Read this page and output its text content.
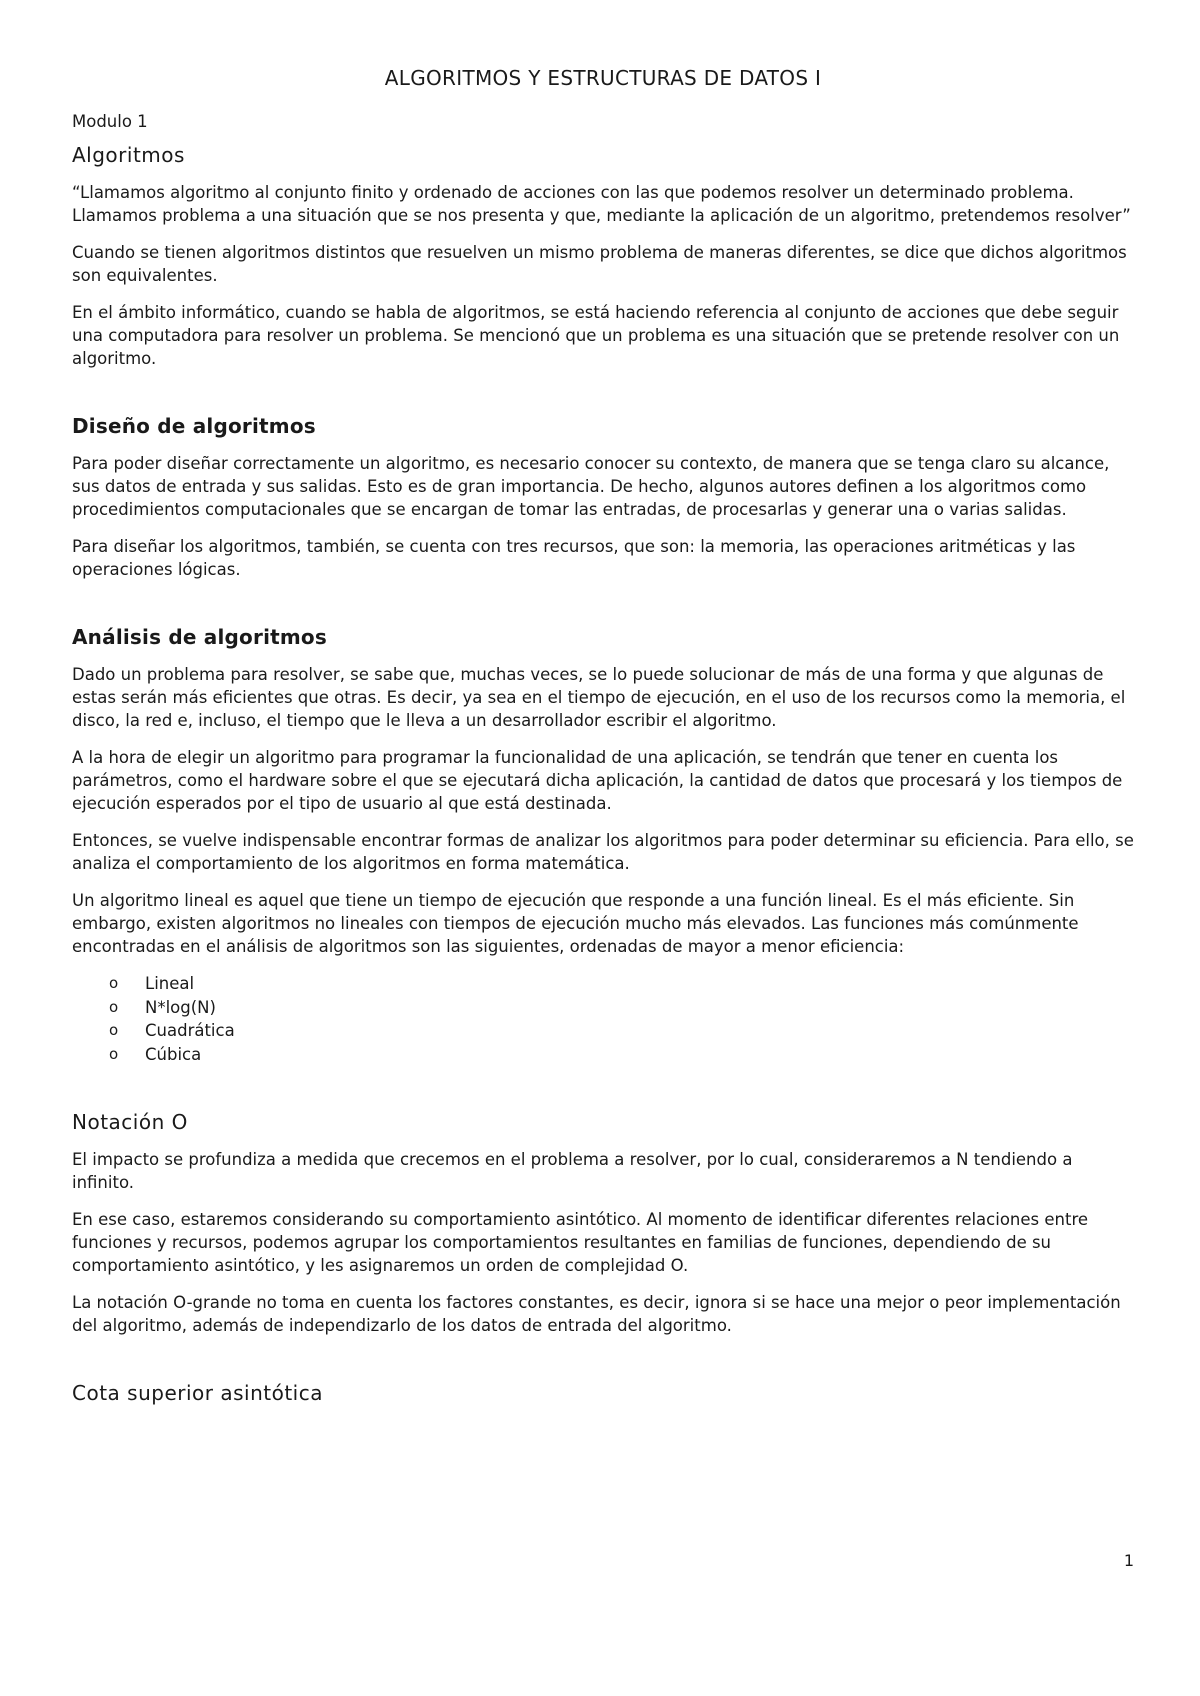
ALGORITMOS Y ESTRUCTURAS DE DATOS I
Modulo 1
Algoritmos

“Llamamos algoritmo al conjunto finito y ordenado de acciones con las que podemos resolver un determinado problema. Llamamos problema a una situación que se nos presenta y que, mediante la aplicación de un algoritmo, pretendemos resolver”

Cuando se tienen algoritmos distintos que resuelven un mismo problema de maneras diferentes, se dice que dichos algoritmos son equivalentes.

En el ámbito informático, cuando se habla de algoritmos, se está haciendo referencia al conjunto de acciones que debe seguir una computadora para resolver un problema. Se mencionó que un problema es una situación que se pretende resolver con un algoritmo.

Diseño de algoritmos

Para poder diseñar correctamente un algoritmo, es necesario conocer su contexto, de manera que se tenga claro su alcance, sus datos de entrada y sus salidas. Esto es de gran importancia. De hecho, algunos autores definen a los algoritmos como procedimientos computacionales que se encargan de tomar las entradas, de procesarlas y generar una o varias salidas.

Para diseñar los algoritmos, también, se cuenta con tres recursos, que son: la memoria, las operaciones aritméticas y las operaciones lógicas.

Análisis de algoritmos

Dado un problema para resolver, se sabe que, muchas veces, se lo puede solucionar de más de una forma y que algunas de estas serán más eficientes que otras. Es decir, ya sea en el tiempo de ejecución, en el uso de los recursos como la memoria, el disco, la red e, incluso, el tiempo que le lleva a un desarrollador escribir el algoritmo.

A la hora de elegir un algoritmo para programar la funcionalidad de una aplicación, se tendrán que tener en cuenta los parámetros, como el hardware sobre el que se ejecutará dicha aplicación, la cantidad de datos que procesará y los tiempos de ejecución esperados por el tipo de usuario al que está destinada.

Entonces, se vuelve indispensable encontrar formas de analizar los algoritmos para poder determinar su eficiencia. Para ello, se analiza el comportamiento de los algoritmos en forma matemática.

Un algoritmo lineal es aquel que tiene un tiempo de ejecución que responde a una función lineal. Es el más eficiente. Sin embargo, existen algoritmos no lineales con tiempos de ejecución mucho más elevados. Las funciones más comúnmente encontradas en el análisis de algoritmos son las siguientes, ordenadas de mayor a menor eficiencia:

o Lineal
o N*log(N)
o Cuadrática
o Cúbica
Notación O

El impacto se profundiza a medida que crecemos en el problema a resolver, por lo cual, consideraremos a N tendiendo a infinito.

En ese caso, estaremos considerando su comportamiento asintótico. Al momento de identificar diferentes relaciones entre funciones y recursos, podemos agrupar los comportamientos resultantes en familias de funciones, dependiendo de su comportamiento asintótico, y les asignaremos un orden de complejidad O.

La notación O-grande no toma en cuenta los factores constantes, es decir, ignora si se hace una mejor o peor implementación del algoritmo, además de independizarlo de los datos de entrada del algoritmo.

Cota superior asintótica
1
